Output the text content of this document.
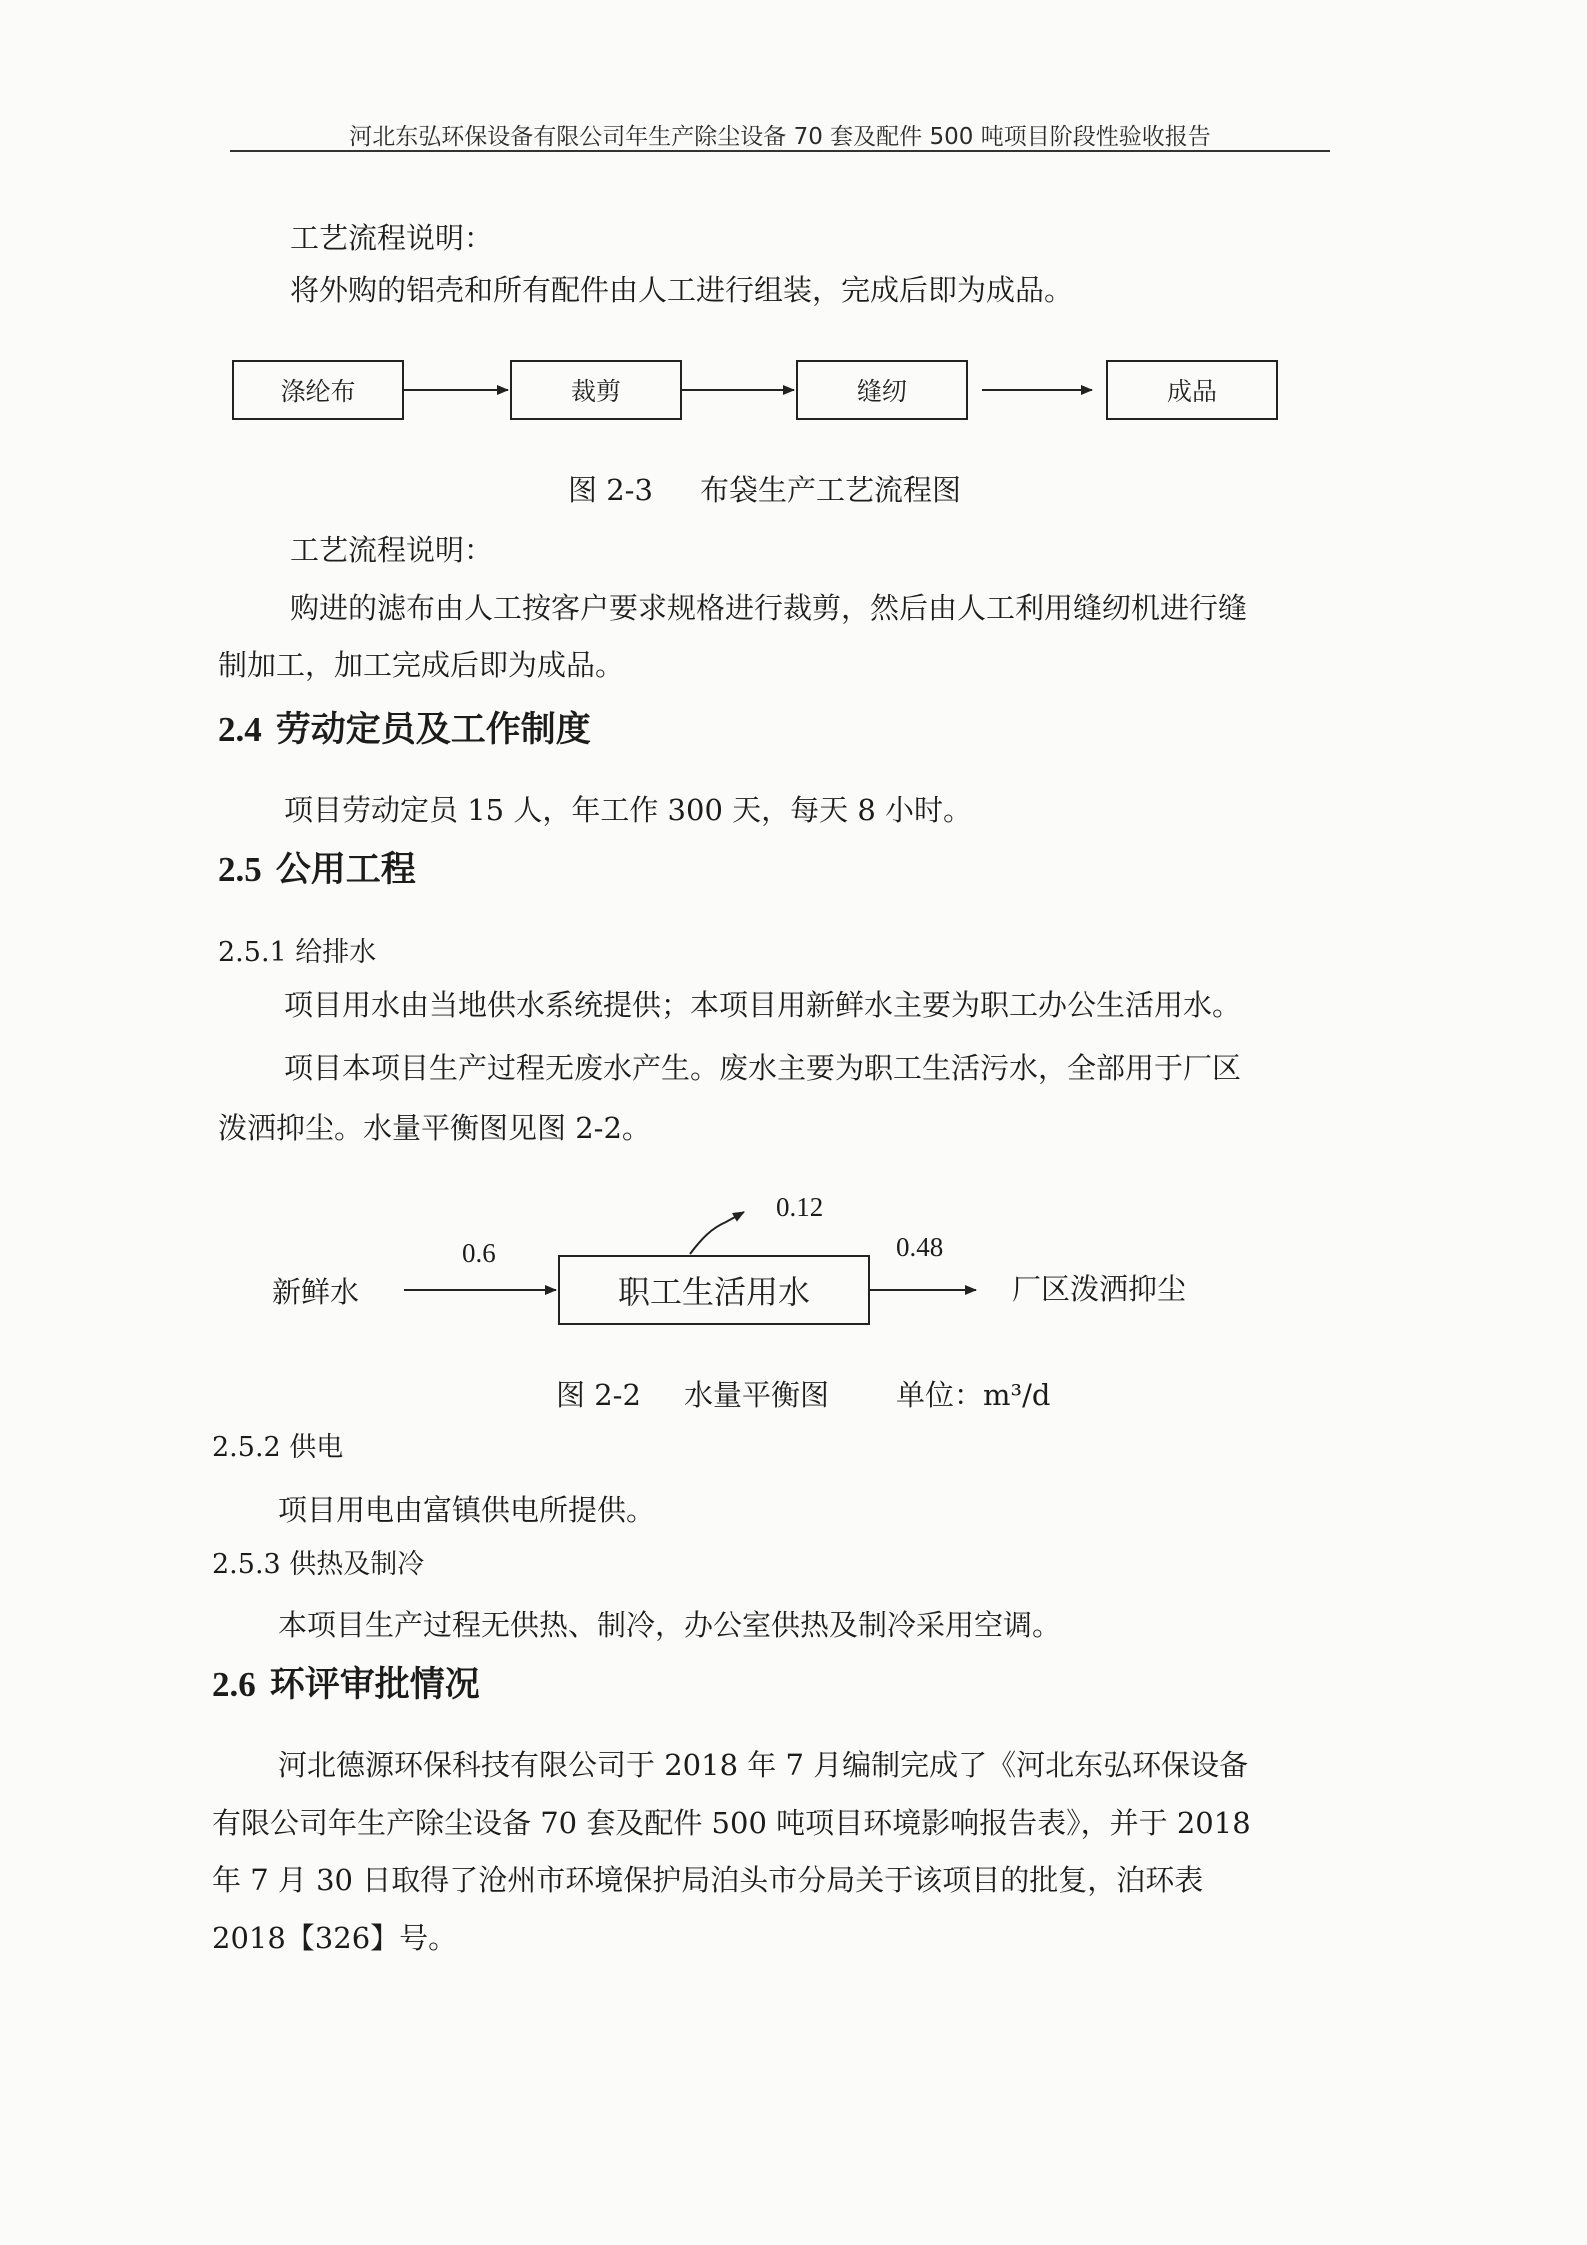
河北东弘环保设备有限公司年生产除尘设备 70 套及配件 500 吨项目阶段性验收报告
工艺流程说明：
将外购的铝壳和所有配件由人工进行组装，完成后即为成品。
涤纶布	裁剪	缝纫	成品
图 2-3 布袋生产工艺流程图
工艺流程说明：
购进的滤布由人工按客户要求规格进行裁剪，然后由人工利用缝纫机进行缝
制加工，加工完成后即为成品。
2.4 劳动定员及工作制度
项目劳动定员 15 人，年工作 300 天，每天 8 小时。
2.5 公用工程
2.5.1 给排水
项目用水由当地供水系统提供；本项目用新鲜水主要为职工办公生活用水。
项目本项目生产过程无废水产生。废水主要为职工生活污水，全部用于厂区
泼洒抑尘。水量平衡图见图 2-2。
新鲜水
0.6
职工生活用水
0.12
0.48
厂区泼洒抑尘
图 2-2 水量平衡图 单位：m³/d
2.5.2 供电
项目用电由富镇供电所提供。
2.5.3 供热及制冷
本项目生产过程无供热、制冷，办公室供热及制冷采用空调。
2.6 环评审批情况
河北德源环保科技有限公司于 2018 年 7 月编制完成了《河北东弘环保设备
有限公司年生产除尘设备 70 套及配件 500 吨项目环境影响报告表》，并于 2018
年 7 月 30 日取得了沧州市环境保护局泊头市分局关于该项目的批复，泊环表
2018【326】号。
